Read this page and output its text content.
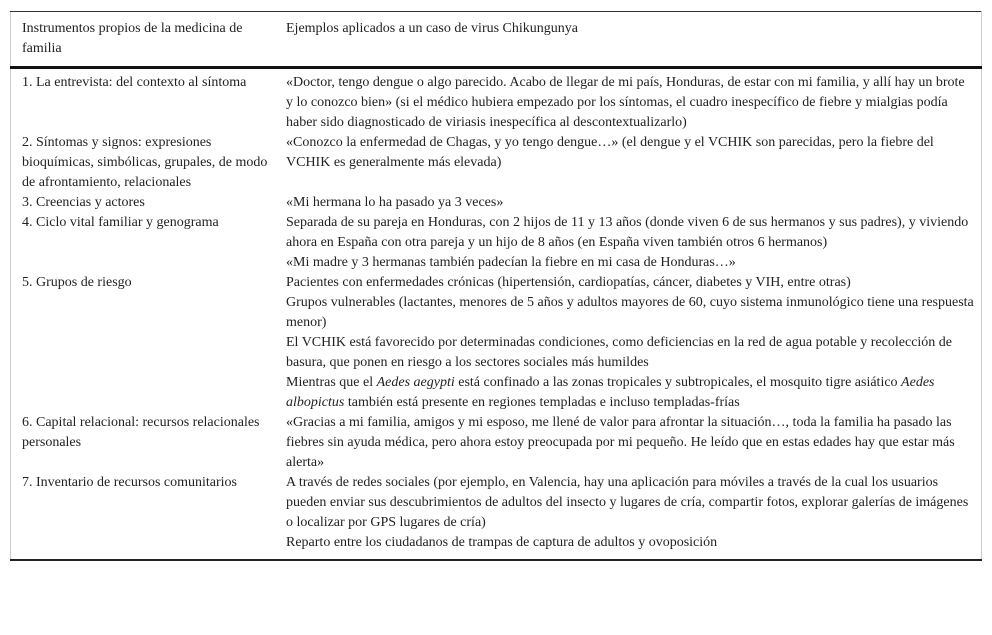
Instrumentos propios de la medicina de familia	Ejemplos aplicados a un caso de virus Chikungunya
1. La entrevista: del contexto al síntoma	«Doctor, tengo dengue o algo parecido. Acabo de llegar de mi país, Honduras, de estar con mi familia, y allí hay un brote y lo conozco bien» (si el médico hubiera empezado por los síntomas, el cuadro inespecífico de fiebre y mialgias podía haber sido diagnosticado de viriasis inespecífica al descontextualizarlo)

2. Síntomas y signos: expresiones bioquímicas, simbólicas, grupales, de modo de afrontamiento, relacionales	«Conozco la enfermedad de Chagas, y yo tengo dengue…» (el dengue y el VCHIK son parecidas, pero la fiebre del VCHIK es generalmente más elevada)

3. Creencias y actores	«Mi hermana lo ha pasado ya 3 veces»

4. Ciclo vital familiar y genograma	Separada de su pareja en Honduras, con 2 hijos de 11 y 13 años (donde viven 6 de sus hermanos y sus padres), y viviendo ahora en España con otra pareja y un hijo de 8 años (en España viven también otros 6 hermanos)

«Mi madre y 3 hermanas también padecían la fiebre en mi casa de Honduras…»

5. Grupos de riesgo	Pacientes con enfermedades crónicas (hipertensión, cardiopatías, cáncer, diabetes y VIH, entre otras)

Grupos vulnerables (lactantes, menores de 5 años y adultos mayores de 60, cuyo sistema inmunológico tiene una respuesta menor)

El VCHIK está favorecido por determinadas condiciones, como deficiencias en la red de agua potable y recolección de basura, que ponen en riesgo a los sectores sociales más humildes

Mientras que el Aedes aegypti está confinado a las zonas tropicales y subtropicales, el mosquito tigre asiático Aedes albopictus también está presente en regiones templadas e incluso templadas-frías

6. Capital relacional: recursos relacionales personales	«Gracias a mi familia, amigos y mi esposo, me llené de valor para afrontar la situación…, toda la familia ha pasado las fiebres sin ayuda médica, pero ahora estoy preocupada por mi pequeño. He leído que en estas edades hay que estar más alerta»

7. Inventario de recursos comunitarios	A través de redes sociales (por ejemplo, en Valencia, hay una aplicación para móviles a través de la cual los usuarios pueden enviar sus descubrimientos de adultos del insecto y lugares de cría, compartir fotos, explorar galerías de imágenes o localizar por GPS lugares de cría)

Reparto entre los ciudadanos de trampas de captura de adultos y ovoposición
